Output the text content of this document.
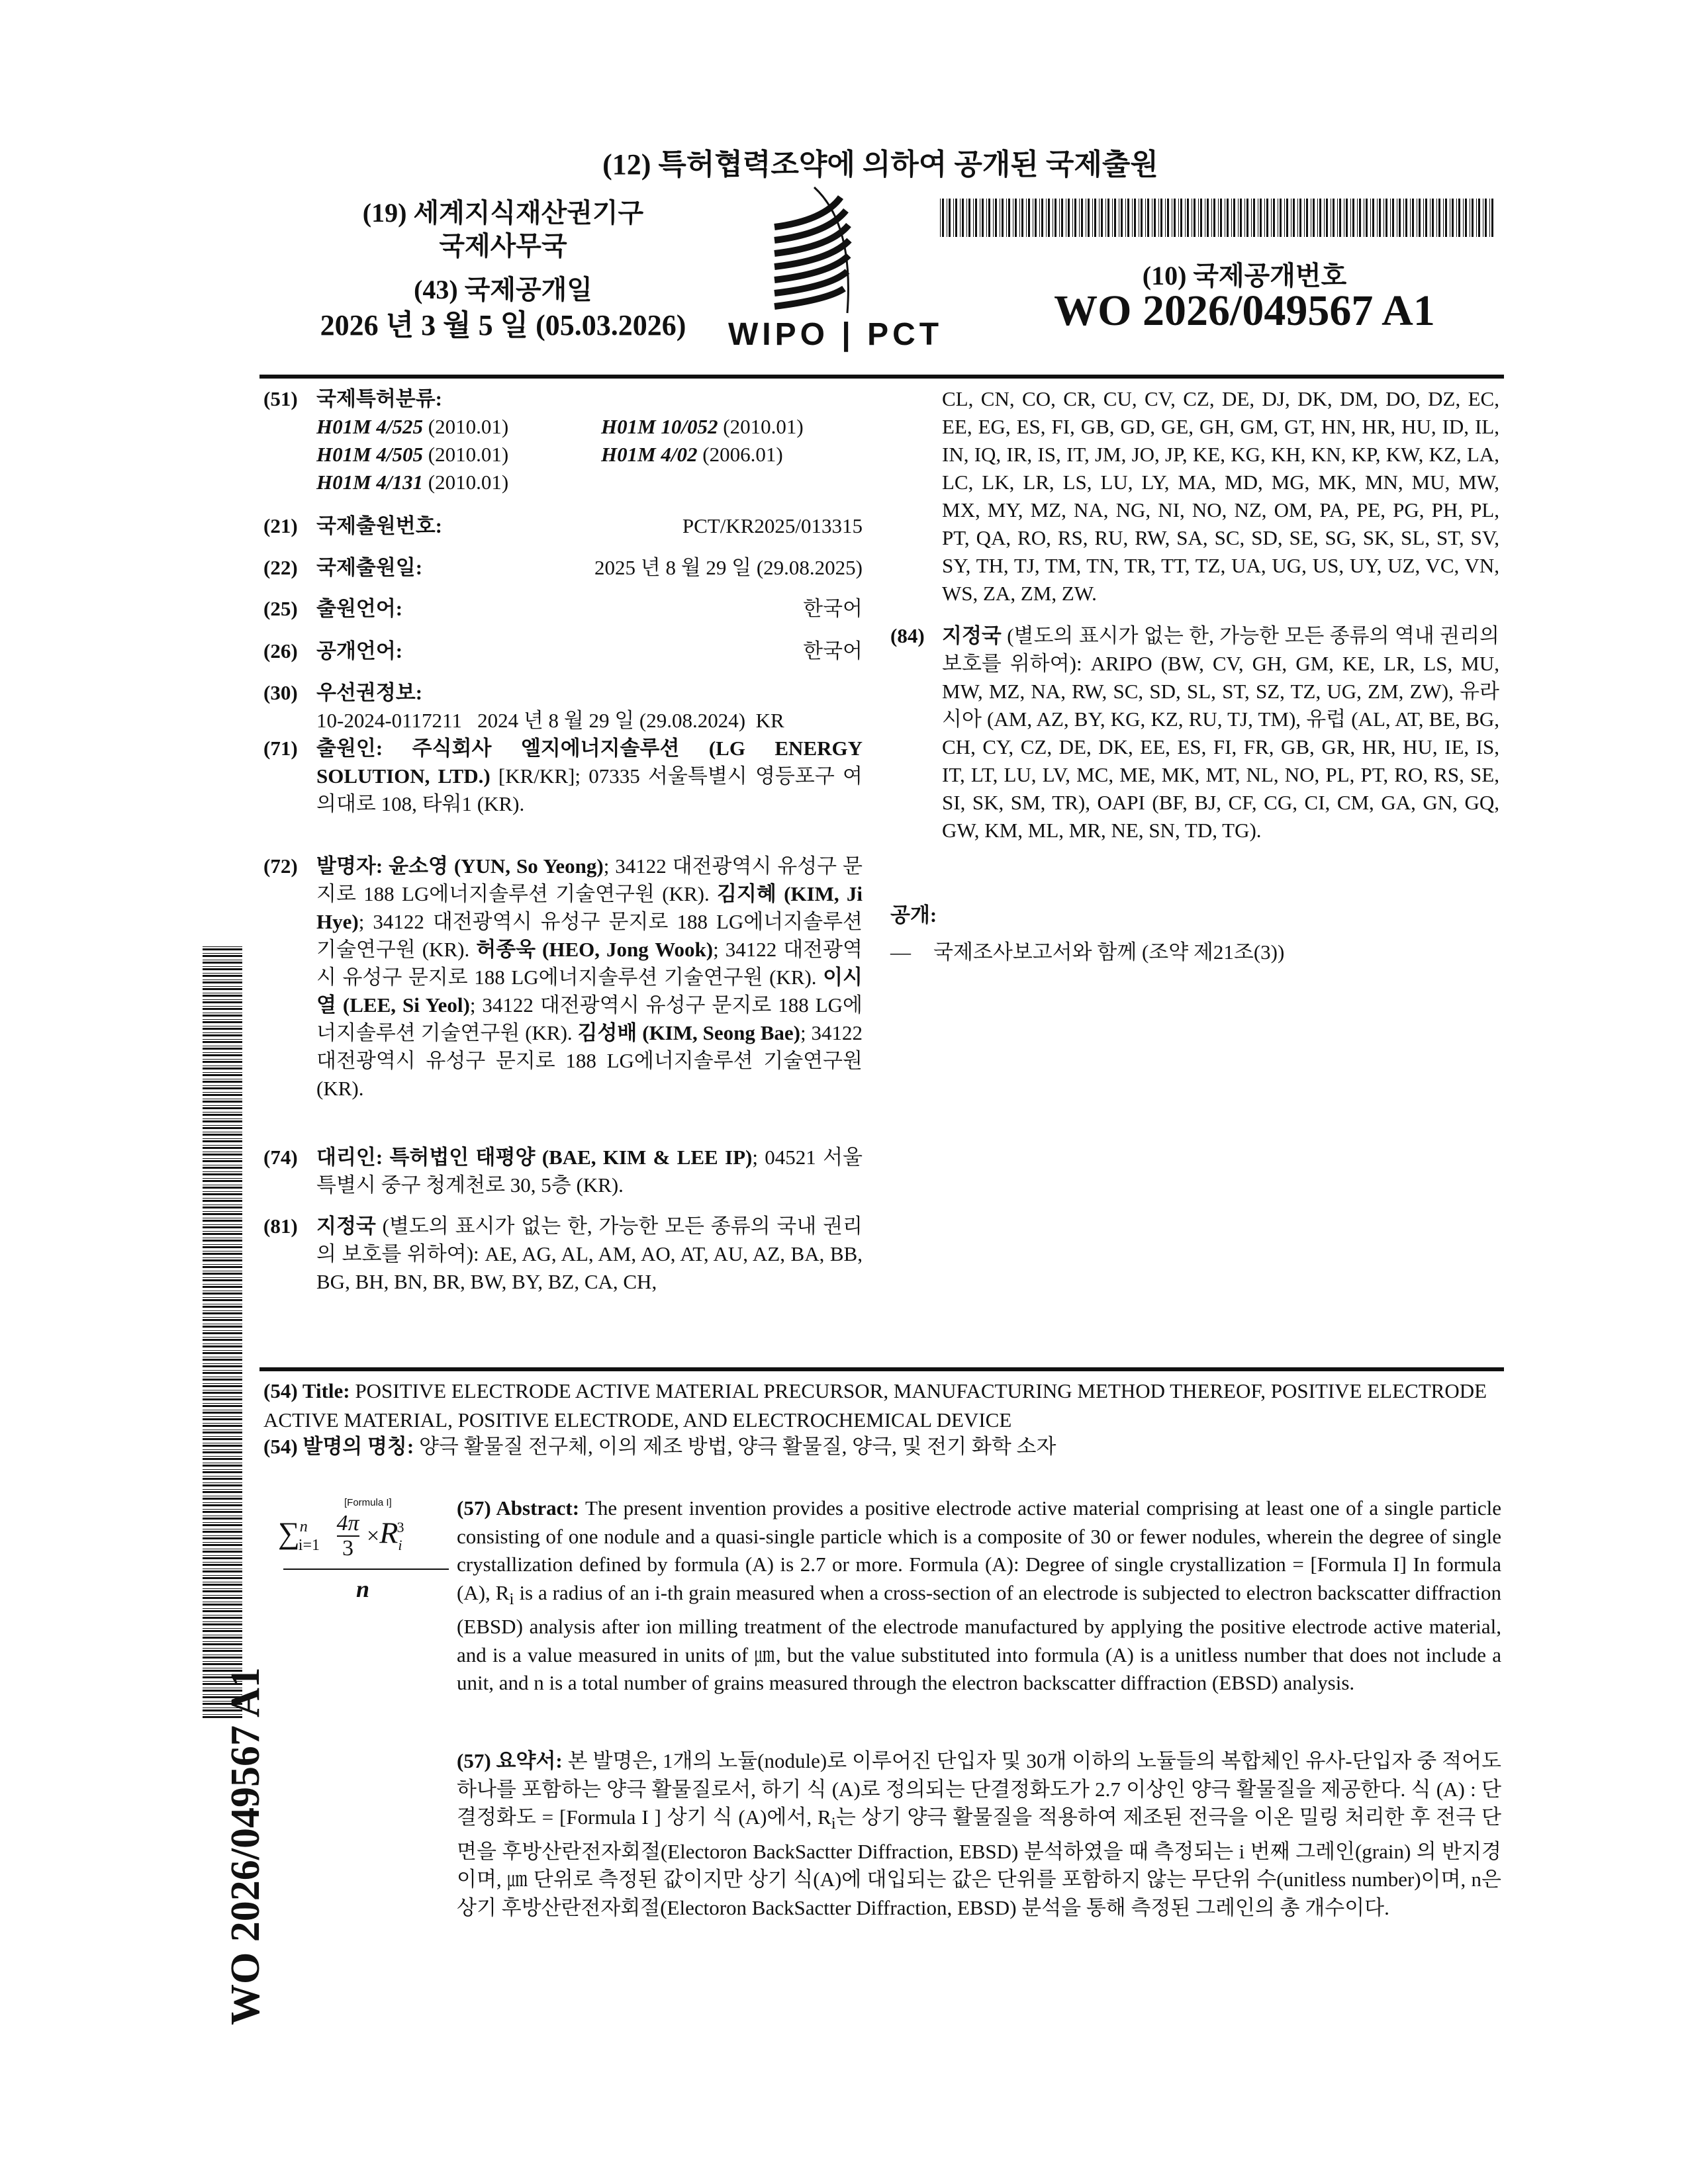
(12) 특허협력조약에 의하여 공개된 국제출원
(19) 세계지식재산권기구
국제사무국
(43) 국제공개일
2026 년 3 월 5 일 (05.03.2026)	WIPO | PCT
(10) 국제공개번호
WO 2026/049567 A1
(51) 국제특허분류:
H01M 4/525 (2010.01)	H01M 10/052 (2010.01)
H01M 4/505 (2010.01)	H01M 4/02 (2006.01)
H01M 4/131 (2010.01)
(21) 국제출원번호:	PCT/KR2025/013315
(22) 국제출원일:	2025 년 8 월 29 일 (29.08.2025)
(25) 출원언어:	한국어
(26) 공개언어:	한국어
(30) 우선권정보:
10-2024-0117211   2024 년 8 월 29 일 (29.08.2024)  KR
(71) 출원인: 주식회사 엘지에너지솔루션 (LG ENERGY SOLUTION, LTD.) [KR/KR]; 07335 서울특별시 영등포구 여의대로 108, 타워1 (KR).
(72) 발명자: 윤소영 (YUN, So Yeong); 34122 대전광역시 유성구 문지로 188 LG에너지솔루션 기술연구원 (KR). 김지혜 (KIM, Ji Hye); 34122 대전광역시 유성구 문지로 188 LG에너지솔루션 기술연구원 (KR). 허종욱 (HEO, Jong Wook); 34122 대전광역시 유성구 문지로 188 LG에너지솔루션 기술연구원 (KR). 이시열 (LEE, Si Yeol); 34122 대전광역시 유성구 문지로 188 LG에너지솔루션 기술연구원 (KR). 김성배 (KIM, Seong Bae); 34122 대전광역시 유성구 문지로 188 LG에너지솔루션 기술연구원 (KR).
(74) 대리인: 특허법인 태평양 (BAE, KIM & LEE IP); 04521 서울특별시 중구 청계천로 30, 5층 (KR).
(81) 지정국 (별도의 표시가 없는 한, 가능한 모든 종류의 국내 권리의 보호를 위하여): AE, AG, AL, AM, AO, AT, AU, AZ, BA, BB, BG, BH, BN, BR, BW, BY, BZ, CA, CH,
CL, CN, CO, CR, CU, CV, CZ, DE, DJ, DK, DM, DO, DZ, EC, EE, EG, ES, FI, GB, GD, GE, GH, GM, GT, HN, HR, HU, ID, IL, IN, IQ, IR, IS, IT, JM, JO, JP, KE, KG, KH, KN, KP, KW, KZ, LA, LC, LK, LR, LS, LU, LY, MA, MD, MG, MK, MN, MU, MW, MX, MY, MZ, NA, NG, NI, NO, NZ, OM, PA, PE, PG, PH, PL, PT, QA, RO, RS, RU, RW, SA, SC, SD, SE, SG, SK, SL, ST, SV, SY, TH, TJ, TM, TN, TR, TT, TZ, UA, UG, US, UY, UZ, VC, VN, WS, ZA, ZM, ZW.
(84) 지정국 (별도의 표시가 없는 한, 가능한 모든 종류의 역내 권리의 보호를 위하여): ARIPO (BW, CV, GH, GM, KE, LR, LS, MU, MW, MZ, NA, RW, SC, SD, SL, ST, SZ, TZ, UG, ZM, ZW), 유라시아 (AM, AZ, BY, KG, KZ, RU, TJ, TM), 유럽 (AL, AT, BE, BG, CH, CY, CZ, DE, DK, EE, ES, FI, FR, GB, GR, HR, HU, IE, IS, IT, LT, LU, LV, MC, ME, MK, MT, NL, NO, PL, PT, RO, RS, SE, SI, SK, SM, TR), OAPI (BF, BJ, CF, CG, CI, CM, GA, GN, GQ, GW, KM, ML, MR, NE, SN, TD, TG).
공개:
— 국제조사보고서와 함께 (조약 제21조(3))
(54) Title: POSITIVE ELECTRODE ACTIVE MATERIAL PRECURSOR, MANUFACTURING METHOD THEREOF, POSITIVE ELECTRODE ACTIVE MATERIAL, POSITIVE ELECTRODE, AND ELECTROCHEMICAL DEVICE
(54) 발명의 명칭: 양극 활물질 전구체, 이의 제조 방법, 양극 활물질, 양극, 및 전기 화학 소자
[Formula I]
∑ni=1
4π
3 ×Ri3
n
(57) Abstract: The present invention provides a positive electrode active material comprising at least one of a single particle consisting of one nodule and a quasi-single particle which is a composite of 30 or fewer nodules, wherein the degree of single crystallization defined by formula (A) is 2.7 or more. Formula (A): Degree of single crystallization = [Formula I] In formula (A), Ri is a radius of an i-th grain measured when a cross-section of an electrode is subjected to electron backscatter diffraction (EBSD) analysis after ion milling treatment of the electrode manufactured by applying the positive electrode active material, and is a value measured in units of ㎛, but the value substituted into formula (A) is a unitless number that does not include a unit, and n is a total number of grains measured through the electron backscatter diffraction (EBSD) analysis.
(57) 요약서: 본 발명은, 1개의 노듈(nodule)로 이루어진 단입자 및 30개 이하의 노듈들의 복합체인 유사-단입자 중 적어도 하나를 포함하는 양극 활물질로서, 하기 식 (A)로 정의되는 단결정화도가 2.7 이상인 양극 활물질을 제공한다. 식 (A) : 단결정화도 = [Formula I ] 상기 식 (A)에서, Ri는 상기 양극 활물질을 적용하여 제조된 전극을 이온 밀링 처리한 후 전극 단면을 후방산란전자회절(Electoron BackSactter Diffraction, EBSD) 분석하였을 때 측정되는 i 번째 그레인(grain) 의 반지경이며, ㎛ 단위로 측정된 값이지만 상기 식(A)에 대입되는 값은 단위를 포함하지 않는 무단위 수(unitless number)이며, n은 상기 후방산란전자회절(Electoron BackSactter Diffraction, EBSD) 분석을 통해 측정된 그레인의 총 개수이다.
WO 2026/049567 A1
